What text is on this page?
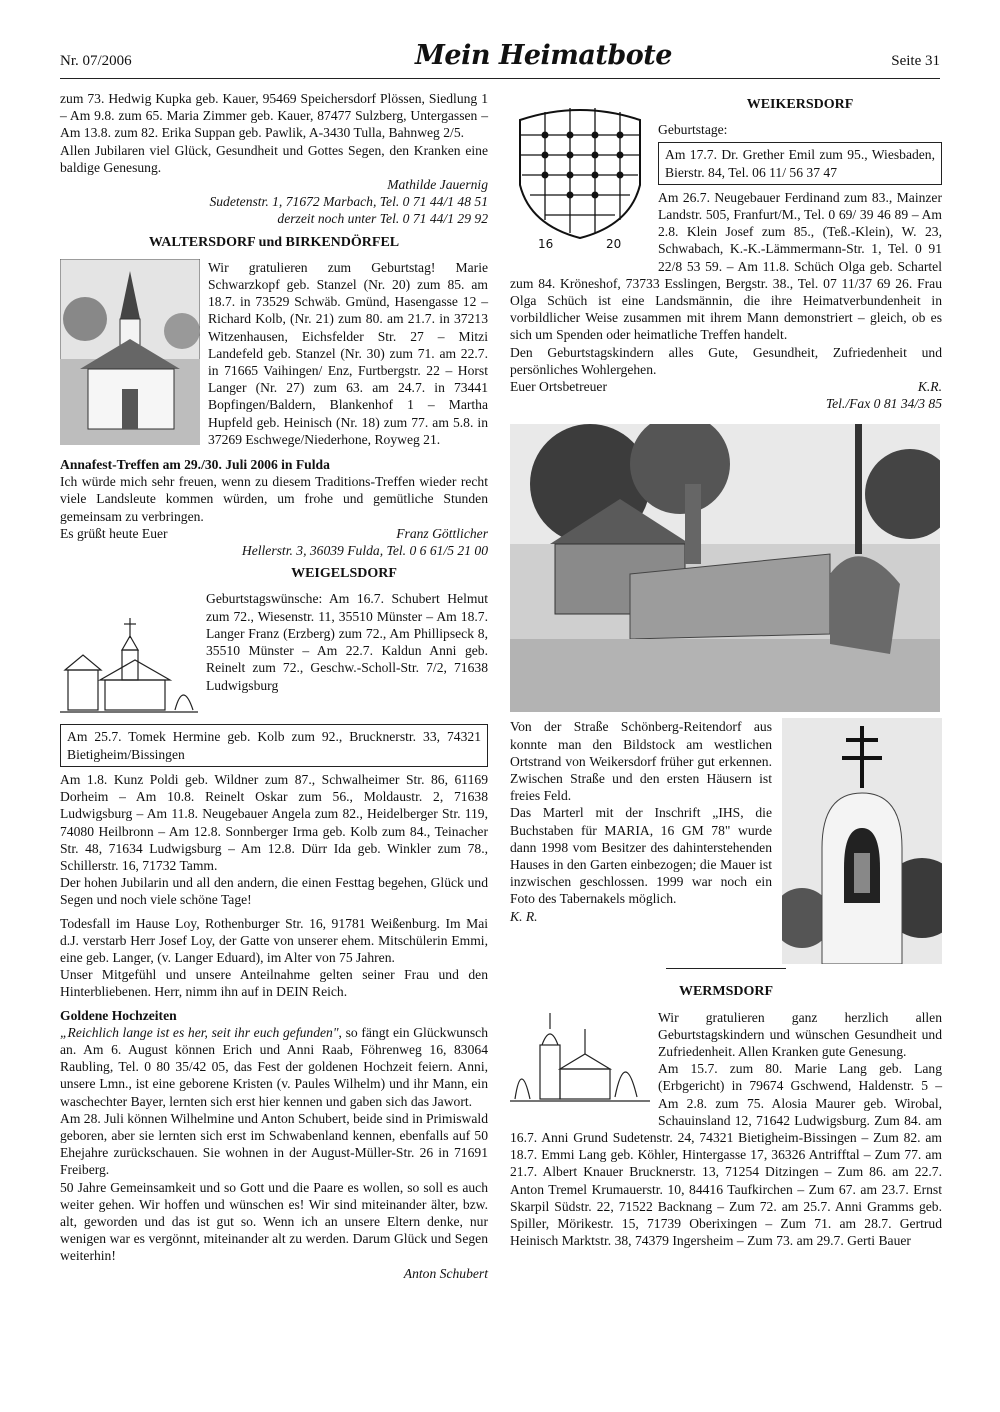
Nr. 07/2006	Mein Heimatbote	Seite 31

zum 73. Hedwig Kupka geb. Kauer, 95469 Speichersdorf Plössen, Siedlung 1 – Am 9.8. zum 65. Maria Zimmer geb. Kauer, 87477 Sulzberg, Untergassen – Am 13.8. zum 82. Erika Suppan geb. Pawlik, A-3430 Tulla, Bahnweg 2/5.

Allen Jubilaren viel Glück, Gesundheit und Gottes Segen, den Kranken eine baldige Genesung.

Mathilde Jauernig

Sudetenstr. 1, 71672 Marbach, Tel. 0 71 44/1 48 51

derzeit noch unter Tel. 0 71 44/1 29 92

WALTERSDORF und BIRKENDÖRFEL

Wir gratulieren zum Geburtstag! Marie Schwarzkopf geb. Stanzel (Nr. 20) zum 85. am 18.7. in 73529 Schwäb. Gmünd, Hasengasse 12 – Richard Kolb, (Nr. 21) zum 80. am 21.7. in 37213 Witzenhausen, Eichsfelder Str. 27 – Mitzi Landefeld geb. Stanzel (Nr. 30) zum 71. am 22.7. in 71665 Vaihingen/ Enz, Furtbergstr. 22 – Horst Langer (Nr. 27) zum 63. am 24.7. in 73441 Bopfingen/Baldern, Blankenhof 1 – Martha Hupfeld geb. Heinisch (Nr. 18) zum 77. am 5.8. in 37269 Eschwege/Niederhone, Royweg 21.

Annafest-Treffen am 29./30. Juli 2006 in Fulda

Ich würde mich sehr freuen, wenn zu diesem Traditions-Treffen wieder recht viele Landsleute kommen würden, um frohe und gemütliche Stunden gemeinsam zu verbringen.

Es grüßt heute Euer	Franz Göttlicher

Hellerstr. 3, 36039 Fulda, Tel. 0 6 61/5 21 00

WEIGELSDORF

Geburtstagswünsche: Am 16.7. Schubert Helmut zum 72., Wiesenstr. 11, 35510 Münster – Am 18.7. Langer Franz (Erzberg) zum 72., Am Phillipseck 8, 35510 Münster – Am 22.7. Kaldun Anni geb. Reinelt zum 72., Geschw.-Scholl-Str. 7/2, 71638 Ludwigsburg

Am 25.7. Tomek Hermine geb. Kolb zum 92., Brucknerstr. 33, 74321 Bietigheim/Bissingen

Am 1.8. Kunz Poldi geb. Wildner zum 87., Schwalheimer Str. 86, 61169 Dorheim – Am 10.8. Reinelt Oskar zum 56., Moldaustr. 2, 71638 Ludwigsburg – Am 11.8. Neugebauer Angela zum 82., Heidelberger Str. 119, 74080 Heilbronn – Am 12.8. Sonnberger Irma geb. Kolb zum 84., Teinacher Str. 48, 71634 Ludwigsburg – Am 12.8. Dürr Ida geb. Winkler zum 78., Schillerstr. 16, 71732 Tamm.

Der hohen Jubilarin und all den andern, die einen Festtag begehen, Glück und Segen und noch viele schöne Tage!

Todesfall im Hause Loy, Rothenburger Str. 16, 91781 Weißenburg. Im Mai d.J. verstarb Herr Josef Loy, der Gatte von unserer ehem. Mitschülerin Emmi, eine geb. Langer, (v. Langer Eduard), im Alter von 75 Jahren.

Unser Mitgefühl und unsere Anteilnahme gelten seiner Frau und den Hinterbliebenen. Herr, nimm ihn auf in DEIN Reich.

Goldene Hochzeiten

„Reichlich lange ist es her, seit ihr euch gefunden", so fängt ein Glückwunsch an. Am 6. August können Erich und Anni Raab, Föhrenweg 16, 83064 Raubling, Tel. 0 80 35/42 05, das Fest der goldenen Hochzeit feiern. Anni, unsere Lmn., ist eine geborene Kristen (v. Paules Wilhelm) und ihr Mann, ein waschechter Bayer, lernten sich erst hier kennen und gaben sich das Jawort.

Am 28. Juli können Wilhelmine und Anton Schubert, beide sind in Primiswald geboren, aber sie lernten sich erst im Schwabenland kennen, ebenfalls auf 50 Ehejahre zurückschauen. Sie wohnen in der August-Müller-Str. 26 in 71691 Freiberg.

50 Jahre Gemeinsamkeit und so Gott und die Paare es wollen, so soll es auch weiter gehen. Wir hoffen und wünschen es! Wir sind miteinander älter, bzw. alt, geworden und das ist gut so. Wenn ich an unsere Eltern denke, nur wenigen war es vergönnt, miteinander alt zu werden. Darum Glück und Segen weiterhin!

Anton Schubert

16	20
WEIKERSDORF

Geburtstage:

Am 17.7. Dr. Grether Emil zum 95., Wiesbaden, Bierstr. 84, Tel. 06 11/ 56 37 47

Am 26.7. Neugebauer Ferdinand zum 83., Mainzer Landstr. 505, Franfurt/M., Tel. 0 69/ 39 46 89 – Am 2.8. Klein Josef zum 85., (Teß.-Klein), W. 23, Schwabach, K.-K.-Lämmermann-Str. 1, Tel. 0 91 22/8 53 59. – Am 11.8. Schüch Olga geb. Schartel zum 84. Kröneshof, 73733 Esslingen, Bergstr. 38., Tel. 07 11/37 69 26. Frau Olga Schüch ist eine Landsmännin, die ihre Heimatverbundenheit in vorbildlicher Weise zusammen mit ihrem Mann demonstriert – gleich, ob es sich um Spenden oder heimatliche Treffen handelt.

Den Geburtstagskindern alles Gute, Gesundheit, Zufriedenheit und persönliches Wohlergehen.

Euer Ortsbetreuer	K.R.

Tel./Fax 0 81 34/3 85

Von der Straße Schönberg-Reitendorf aus konnte man den Bildstock am westlichen Ortstrand von Weikersdorf früher gut erkennen. Zwischen Straße und den ersten Häusern ist freies Feld.

Das Marterl mit der Inschrift „IHS, die Buchstaben für MARIA, 16 GM 78" wurde dann 1998 vom Besitzer des dahinterstehenden Hauses in den Garten einbezogen; die Mauer ist inzwischen geschlossen. 1999 war noch ein Foto des Tabernakels möglich.

K. R.

WERMSDORF

Wir gratulieren ganz herzlich allen Geburtstagskindern und wünschen Gesundheit und Zufriedenheit. Allen Kranken gute Genesung.

Am 15.7. zum 80. Marie Lang geb. Lang (Erbgericht) in 79674 Gschwend, Haldenstr. 5 – Am 2.8. zum 75. Alosia Maurer geb. Wirobal, Schauinsland 12, 71642 Ludwigsburg. Zum 84. am 16.7. Anni Grund Sudetenstr. 24, 74321 Bietigheim-Bissingen – Zum 82. am 18.7. Emmi Lang geb. Köhler, Hintergasse 17, 36326 Antrifftal – Zum 77. am 21.7. Albert Knauer Brucknerstr. 13, 71254 Ditzingen – Zum 86. am 22.7. Anton Tremel Krumauerstr. 10, 84416 Taufkirchen – Zum 67. am 23.7. Ernst Skarpil Südstr. 22, 71522 Backnang – Zum 72. am 25.7. Anni Gramms geb. Spiller, Mörikestr. 15, 71739 Oberixingen – Zum 71. am 28.7. Gertrud Heinisch Marktstr. 38, 74379 Ingersheim – Zum 73. am 29.7. Gerti Bauer
